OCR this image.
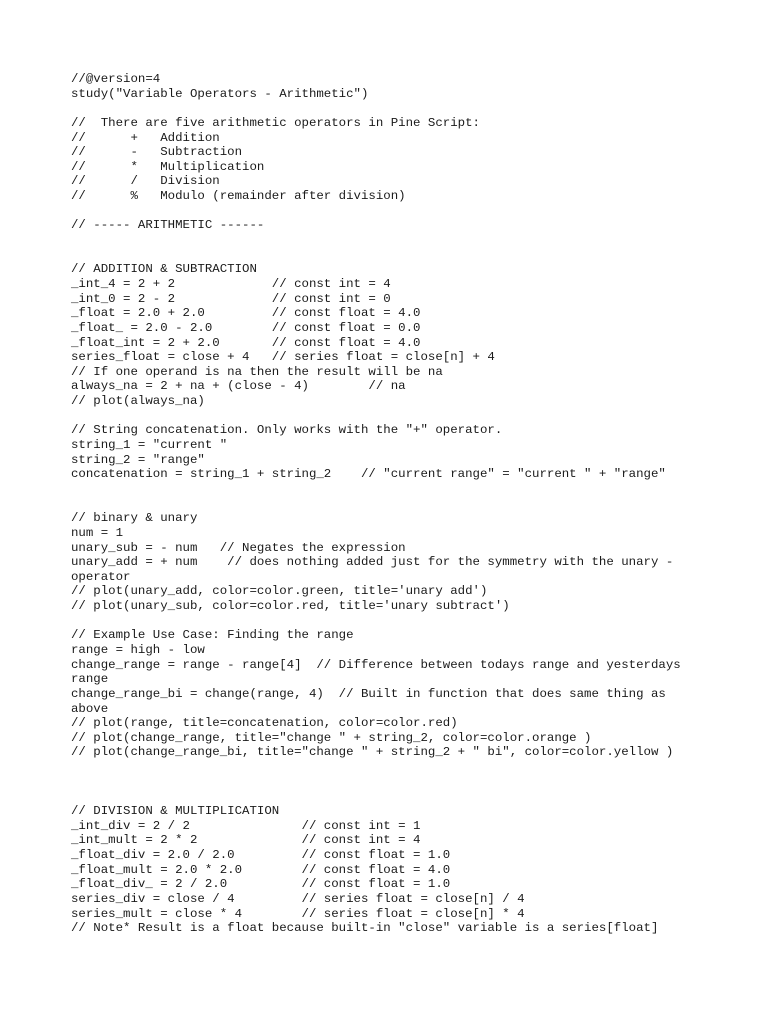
//@version=4
study("Variable Operators - Arithmetic")
//  There are five arithmetic operators in Pine Script:
//      +   Addition
//      -   Subtraction
//      *   Multiplication
//      /   Division
//      %   Modulo (remainder after division)
// ----- ARITHMETIC ------
// ADDITION & SUBTRACTION
_int_4 = 2 + 2             // const int = 4
_int_0 = 2 - 2             // const int = 0
_float = 2.0 + 2.0         // const float = 4.0
_float_ = 2.0 - 2.0        // const float = 0.0
_float_int = 2 + 2.0       // const float = 4.0
series_float = close + 4   // series float = close[n] + 4
// If one operand is na then the result will be na
always_na = 2 + na + (close - 4)        // na
// plot(always_na)
// String concatenation. Only works with the "+" operator.
string_1 = "current "
string_2 = "range"
concatenation = string_1 + string_2    // "current range" = "current " + "range"
// binary & unary
num = 1
unary_sub = - num   // Negates the expression
unary_add = + num    // does nothing added just for the symmetry with the unary -
operator
// plot(unary_add, color=color.green, title='unary add')
// plot(unary_sub, color=color.red, title='unary subtract')
// Example Use Case: Finding the range
range = high - low
change_range = range - range[4]  // Difference between todays range and yesterdays
range
change_range_bi = change(range, 4)  // Built in function that does same thing as
above
// plot(range, title=concatenation, color=color.red)
// plot(change_range, title="change " + string_2, color=color.orange )
// plot(change_range_bi, title="change " + string_2 + " bi", color=color.yellow )
// DIVISION & MULTIPLICATION
_int_div = 2 / 2               // const int = 1
_int_mult = 2 * 2              // const int = 4
_float_div = 2.0 / 2.0         // const float = 1.0
_float_mult = 2.0 * 2.0        // const float = 4.0
_float_div_ = 2 / 2.0          // const float = 1.0
series_div = close / 4         // series float = close[n] / 4
series_mult = close * 4        // series float = close[n] * 4
// Note* Result is a float because built-in "close" variable is a series[float]
